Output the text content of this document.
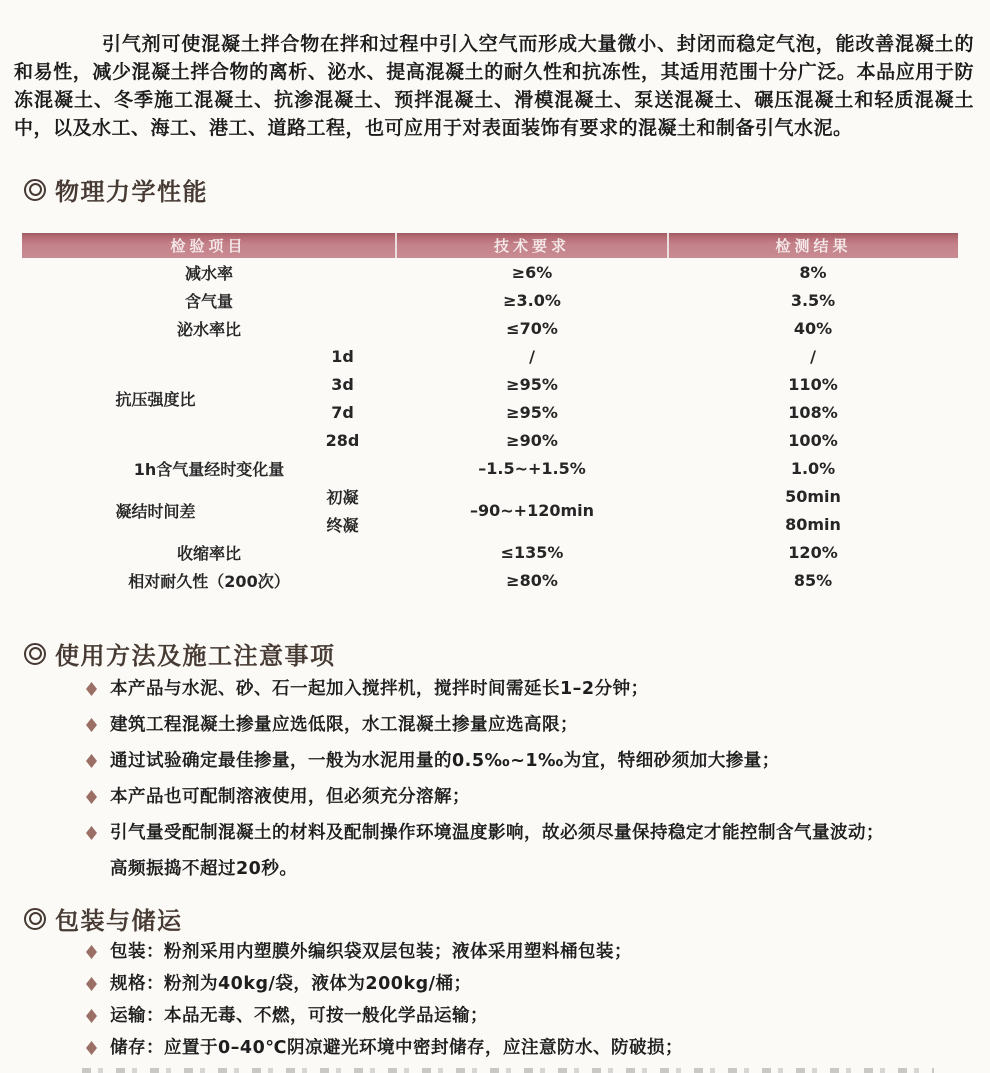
引气剂可使混凝土拌合物在拌和过程中引入空气而形成大量微小、封闭而稳定气泡，能改善混凝土的和易性，减少混凝土拌合物的离析、泌水、提高混凝土的耐久性和抗冻性，其适用范围十分广泛。本品应用于防冻混凝土、冬季施工混凝土、抗渗混凝土、预拌混凝土、滑模混凝土、泵送混凝土、碾压混凝土和轻质混凝土中，以及水工、海工、港工、道路工程，也可应用于对表面装饰有要求的混凝土和制备引气水泥。

物理力学性能
检验项目		技术要求	检测结果
减水率		≥6%	8%
含气量		≥3.0%	3.5%
泌水率比		≤70%	40%
抗压强度比	1d	/	/
	3d	≥95%	110%
	7d	≥95%	108%
	28d	≥90%	100%
1h含气量经时变化量		–1.5~+1.5%	1.0%
凝结时间差	初凝	–90~+120min	50min
	终凝		80min
收缩率比		≤135%	120%
相对耐久性（200次）		≥80%	85%
使用方法及施工注意事项
本产品与水泥、砂、石一起加入搅拌机，搅拌时间需延长1–2分钟；
建筑工程混凝土掺量应选低限，水工混凝土掺量应选高限；
通过试验确定最佳掺量，一般为水泥用量的0.5‰~1‰为宜，特细砂须加大掺量；
本产品也可配制溶液使用，但必须充分溶解；
引气量受配制混凝土的材料及配制操作环境温度影响，故必须尽量保持稳定才能控制含气量波动；
高频振捣不超过20秒。
包装与储运
包装：粉剂采用内塑膜外编织袋双层包装；液体采用塑料桶包装；
规格：粉剂为40kg/袋，液体为200kg/桶；
运输：本品无毒、不燃，可按一般化学品运输；
储存：应置于0–40℃阴凉避光环境中密封储存，应注意防水、防破损；
